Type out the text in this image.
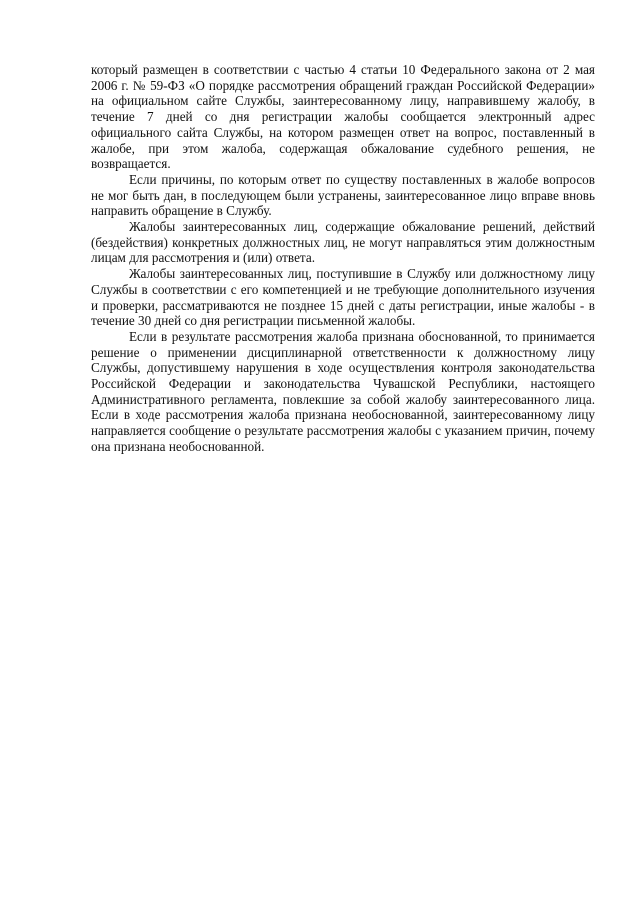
который размещен в соответствии с частью 4 статьи 10 Федерального закона от 2 мая 2006 г. № 59-ФЗ «О порядке рассмотрения обращений граждан Российской Федерации» на официальном сайте Службы, заинтересованному лицу, направившему жалобу, в течение 7 дней со дня регистрации жалобы сообщается электронный адрес официального сайта Службы, на котором размещен ответ на вопрос, поставленный в жалобе, при этом жалоба, содержащая обжалование судебного решения, не возвращается.

Если причины, по которым ответ по существу поставленных в жалобе вопросов не мог быть дан, в последующем были устранены, заинтересованное лицо вправе вновь направить обращение в Службу.

Жалобы заинтересованных лиц, содержащие обжалование решений, действий (бездействия) конкретных должностных лиц, не могут направляться этим должностным лицам для рассмотрения и (или) ответа.

Жалобы заинтересованных лиц, поступившие в Службу или должностному лицу Службы в соответствии с его компетенцией и не требующие дополнительного изучения и проверки, рассматриваются не позднее 15 дней с даты регистрации, иные жалобы - в течение 30 дней со дня регистрации письменной жалобы.

Если в результате рассмотрения жалоба признана обоснованной, то принимается решение о применении дисциплинарной ответственности к должностному лицу Службы, допустившему нарушения в ходе осуществления контроля законодательства Российской Федерации и законодательства Чувашской Республики, настоящего Административного регламента, повлекшие за собой жалобу заинтересованного лица. Если в ходе рассмотрения жалоба признана необоснованной, заинтересованному лицу направляется сообщение о результате рассмотрения жалобы с указанием причин, почему она признана необоснованной.
